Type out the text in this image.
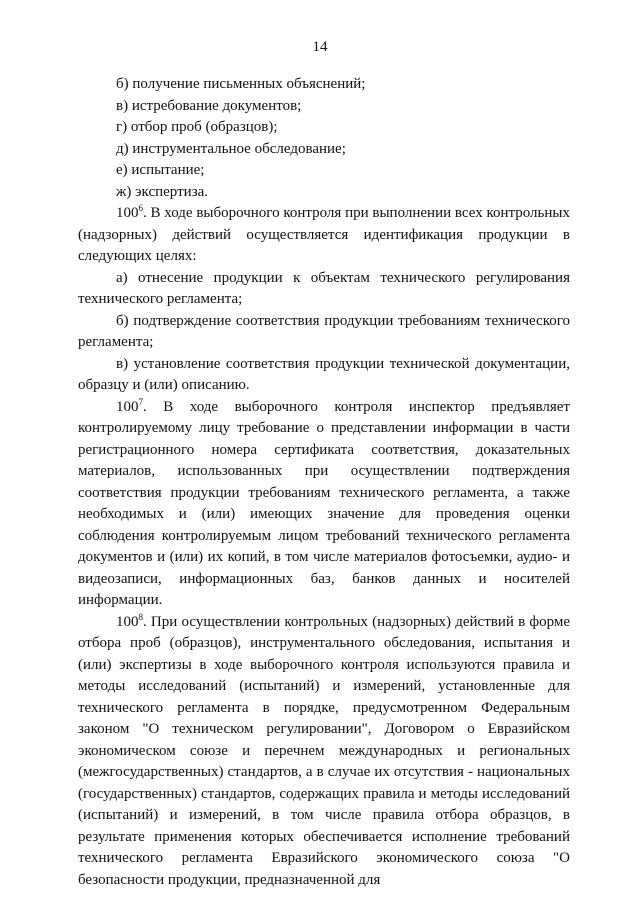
14

б) получение письменных объяснений;

в) истребование документов;

г) отбор проб (образцов);

д) инструментальное обследование;

е) испытание;

ж) экспертиза.

$100^6$. В ходе выборочного контроля при выполнении всех контрольных (надзорных) действий осуществляется идентификация продукции в следующих целях:

а) отнесение продукции к объектам технического регулирования технического регламента;

б) подтверждение соответствия продукции требованиям технического регламента;

в) установление соответствия продукции технической документации, образцу и (или) описанию.

$100^7$. В ходе выборочного контроля инспектор предъявляет контролируемому лицу требование о представлении информации в части регистрационного номера сертификата соответствия, доказательных материалов, использованных при осуществлении подтверждения соответствия продукции требованиям технического регламента, а также необходимых и (или) имеющих значение для проведения оценки соблюдения контролируемым лицом требований технического регламента документов и (или) их копий, в том числе материалов фотосъемки, аудио- и видеозаписи, информационных баз, банков данных и носителей информации.

$100^8$. При осуществлении контрольных (надзорных) действий в форме отбора проб (образцов), инструментального обследования, испытания и (или) экспертизы в ходе выборочного контроля используются правила и методы исследований (испытаний) и измерений, установленные для технического регламента в порядке, предусмотренном Федеральным законом "О техническом регулировании", Договором о Евразийском экономическом союзе и перечнем международных и региональных (межгосударственных) стандартов, а в случае их отсутствия - национальных (государственных) стандартов, содержащих правила и методы исследований (испытаний) и измерений, в том числе правила отбора образцов, в результате применения которых обеспечивается исполнение требований технического регламента Евразийского экономического союза "О безопасности продукции, предназначенной для
